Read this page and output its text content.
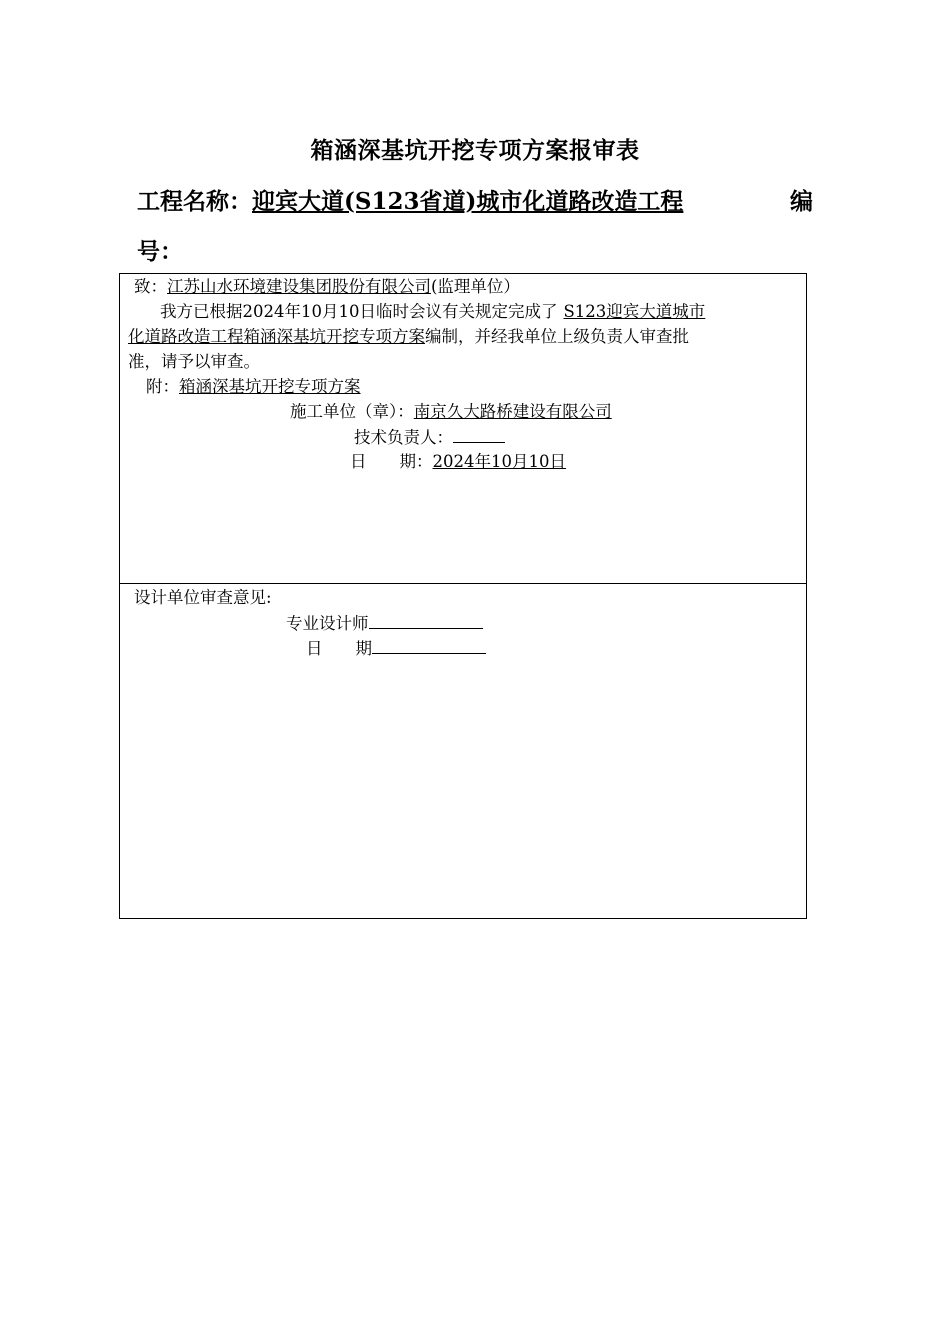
箱涵深基坑开挖专项方案报审表
工程名称：迎宾大道(S123省道)城市化道路改造工程	编
号：
致：江苏山水环境建设集团股份有限公司(监理单位）
我方已根据2024年10月10日临时会议有关规定完成了 S123迎宾大道城市
化道路改造工程箱涵深基坑开挖专项方案编制，并经我单位上级负责人审查批
准，请予以审查。
附：箱涵深基坑开挖专项方案
施工单位（章）：南京久大路桥建设有限公司
技术负责人：
日　　期：2024年10月10日
设计单位审查意见:
专业设计师
日　　期
